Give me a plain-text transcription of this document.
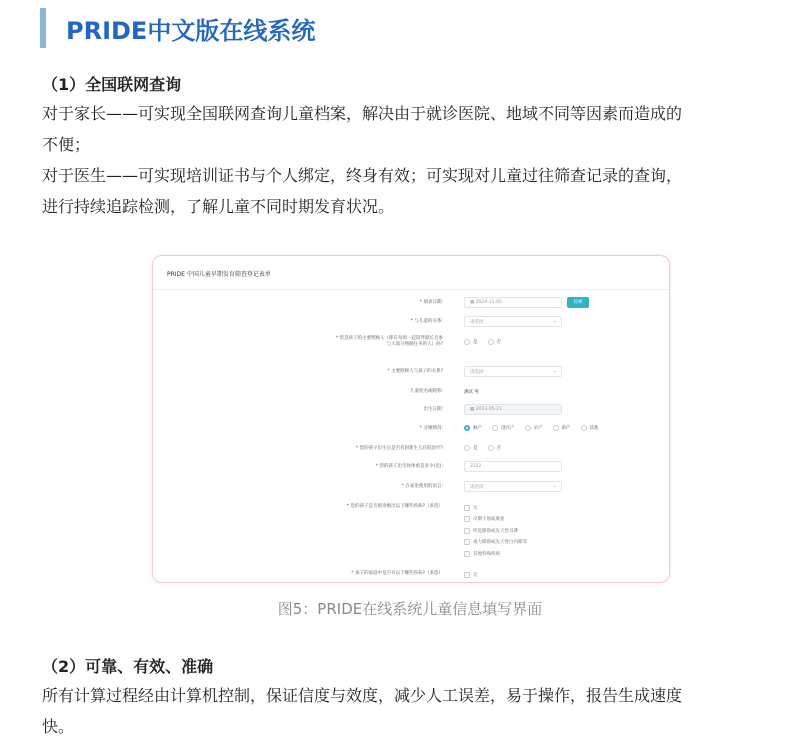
PRIDE中文版在线系统
（1）全国联网查询
对于家长——可实现全国联网查询儿童档案，解决由于就诊医院、地域不同等因素而造成的
不便；
对于医生——可实现培训证书与个人绑定，终身有效；可实现对儿童过往筛查记录的查询，
进行持续追踪检测，了解儿童不同时期发育状况。
PRIDE 中国儿童早期发育筛查登记表单
* 填表日期:	▦ 2024-11-05	检索
* 与儿童的关系:	请选择	⌄
* 您是孩子的主要照顾人（即在每周一起陪伴最长且参
与大部分照顾任务的人）吗?	是	否
* 主要照顾人与孩子的关系?	请选择	⌄
儿童姓名或昵称:	测试 男
出生日期:	▦ 2023-05-21
* 分娩情况:	顺产	剖宫产	早产	助产	其他
* 您的孩子出生后是否有因新生儿住院治疗?	是	否
* 您的孩子出生时体重是多少(克):	2222
* 在家里使用的语言:	请选择	⌄
* 您的孩子是否被诊断出以下哪些疾病?（多选）	无
早期干预或康复
听觉障碍或先天性耳聋
视力障碍或先天性白内障等
其他特殊疾病
* 孩子的家庭中是否有以下哪些疾病?（多选）	无
图5：PRIDE在线系统儿童信息填写界面
（2）可靠、有效、准确
所有计算过程经由计算机控制，保证信度与效度，减少人工误差，易于操作，报告生成速度
快。
